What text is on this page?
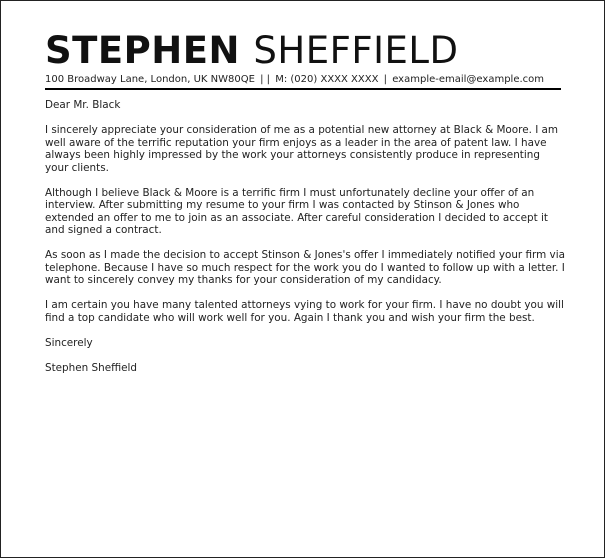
STEPHEN SHEFFIELD
100 Broadway Lane, London, UK NW80QE | | M: (020) XXXX XXXX | example-email@example.com

Dear Mr. Black

I sincerely appreciate your consideration of me as a potential new attorney at Black & Moore. I am well aware of the terrific reputation your firm enjoys as a leader in the area of patent law. I have always been highly impressed by the work your attorneys consistently produce in representing your clients.

Although I believe Black & Moore is a terrific firm I must unfortunately decline your offer of an interview. After submitting my resume to your firm I was contacted by Stinson & Jones who extended an offer to me to join as an associate. After careful consideration I decided to accept it and signed a contract.

As soon as I made the decision to accept Stinson & Jones's offer I immediately notified your firm via telephone. Because I have so much respect for the work you do I wanted to follow up with a letter. I want to sincerely convey my thanks for your consideration of my candidacy.

I am certain you have many talented attorneys vying to work for your firm. I have no doubt you will find a top candidate who will work well for you. Again I thank you and wish your firm the best.

Sincerely

Stephen Sheffield
